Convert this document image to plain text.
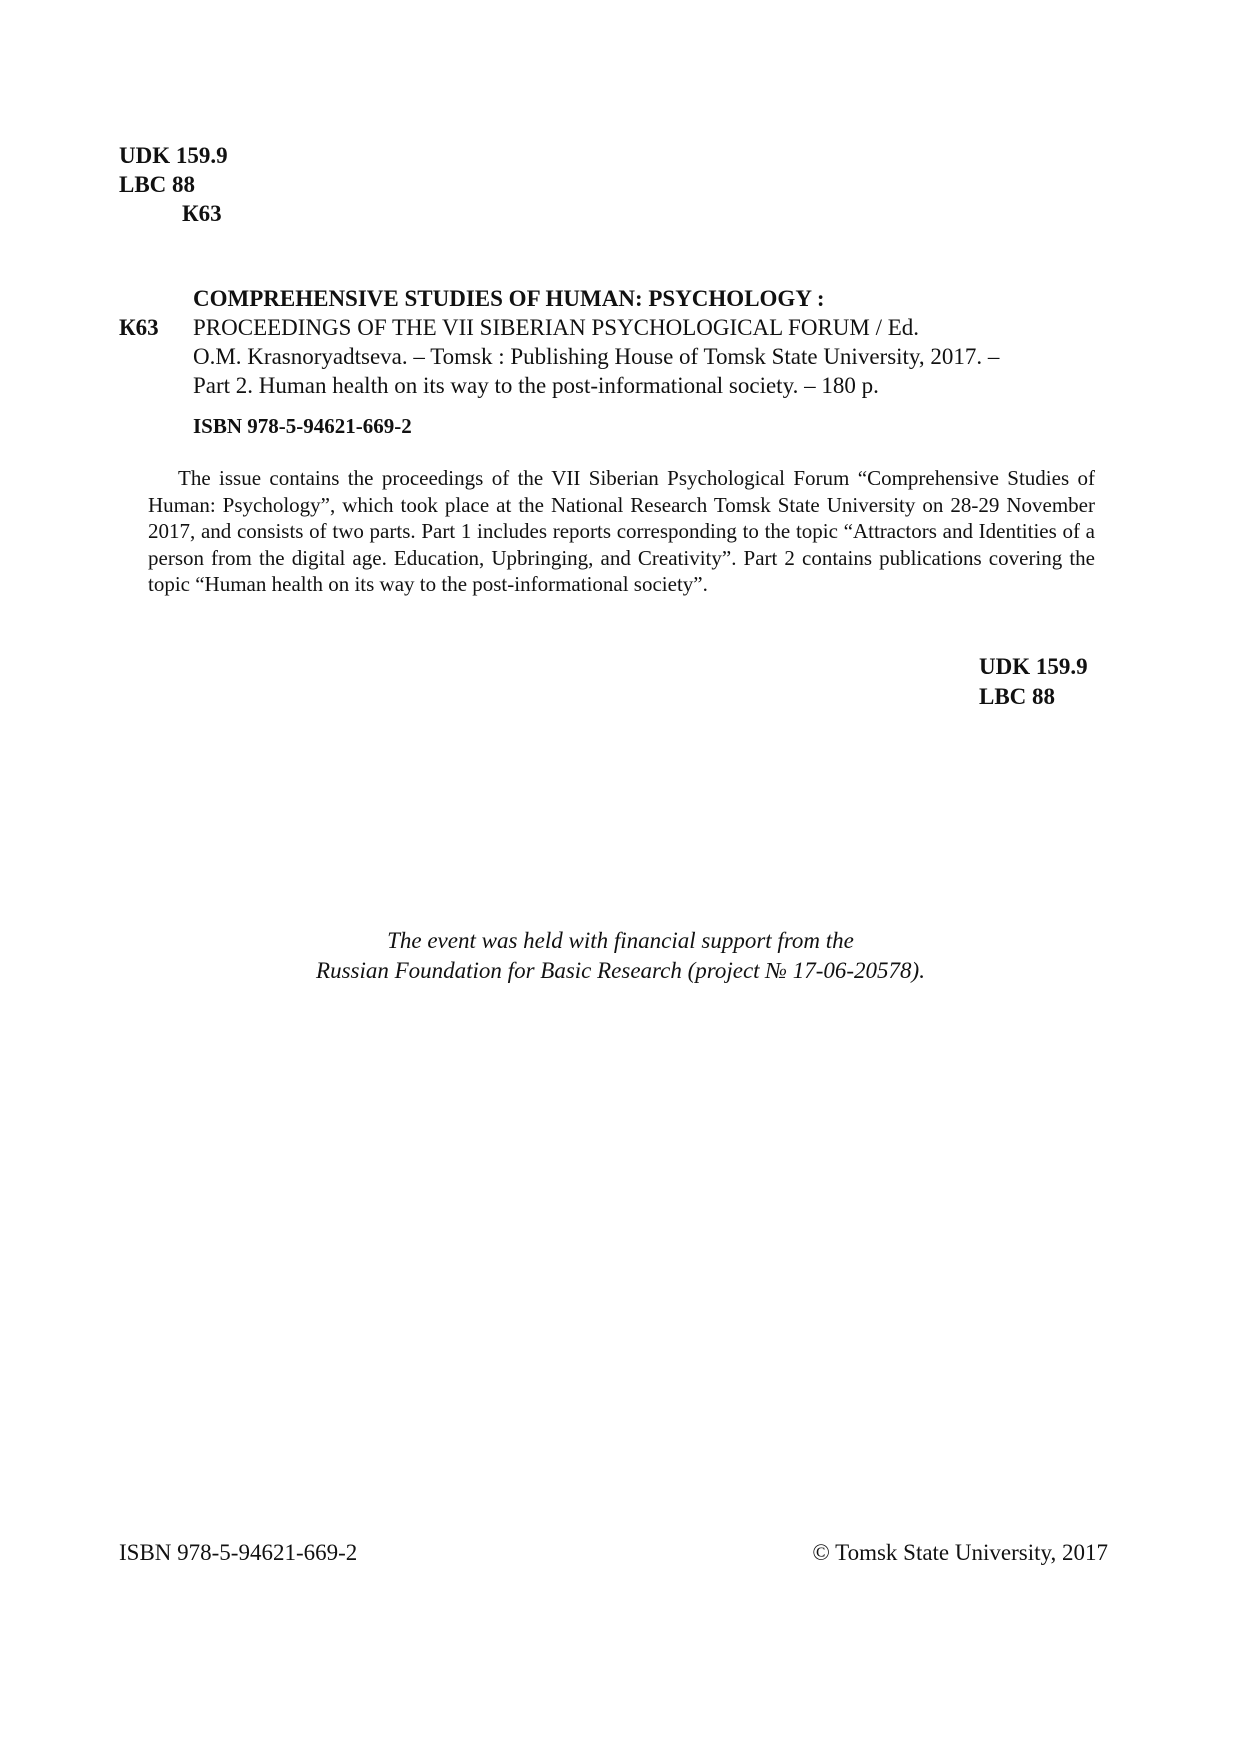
UDK 159.9
LBC 88
К63
COMPREHENSIVE STUDIES OF HUMAN: PSYCHOLOGY :
К63 PROCEEDINGS OF THE VII SIBERIAN PSYCHOLOGICAL FORUM / Ed.
O.M. Krasnoryadtseva. – Tomsk : Publishing House of Tomsk State University, 2017. –
Part 2. Human health on its way to the post-informational society. – 180 p.
ISBN 978-5-94621-669-2

The issue contains the proceedings of the VII Siberian Psychological Forum “Comprehensive Studies of Human: Psychology”, which took place at the National Research Tomsk State University on 28-29 November 2017, and consists of two parts. Part 1 includes reports corresponding to the topic “Attractors and Identities of a person from the digital age. Education, Upbringing, and Creativity”. Part 2 contains publications covering the topic “Human health on its way to the post-informational society”.

UDK 159.9
LBC 88
The event was held with financial support from the
Russian Foundation for Basic Research (project № 17-06-20578).
ISBN 978-5-94621-669-2	© Tomsk State University, 2017
